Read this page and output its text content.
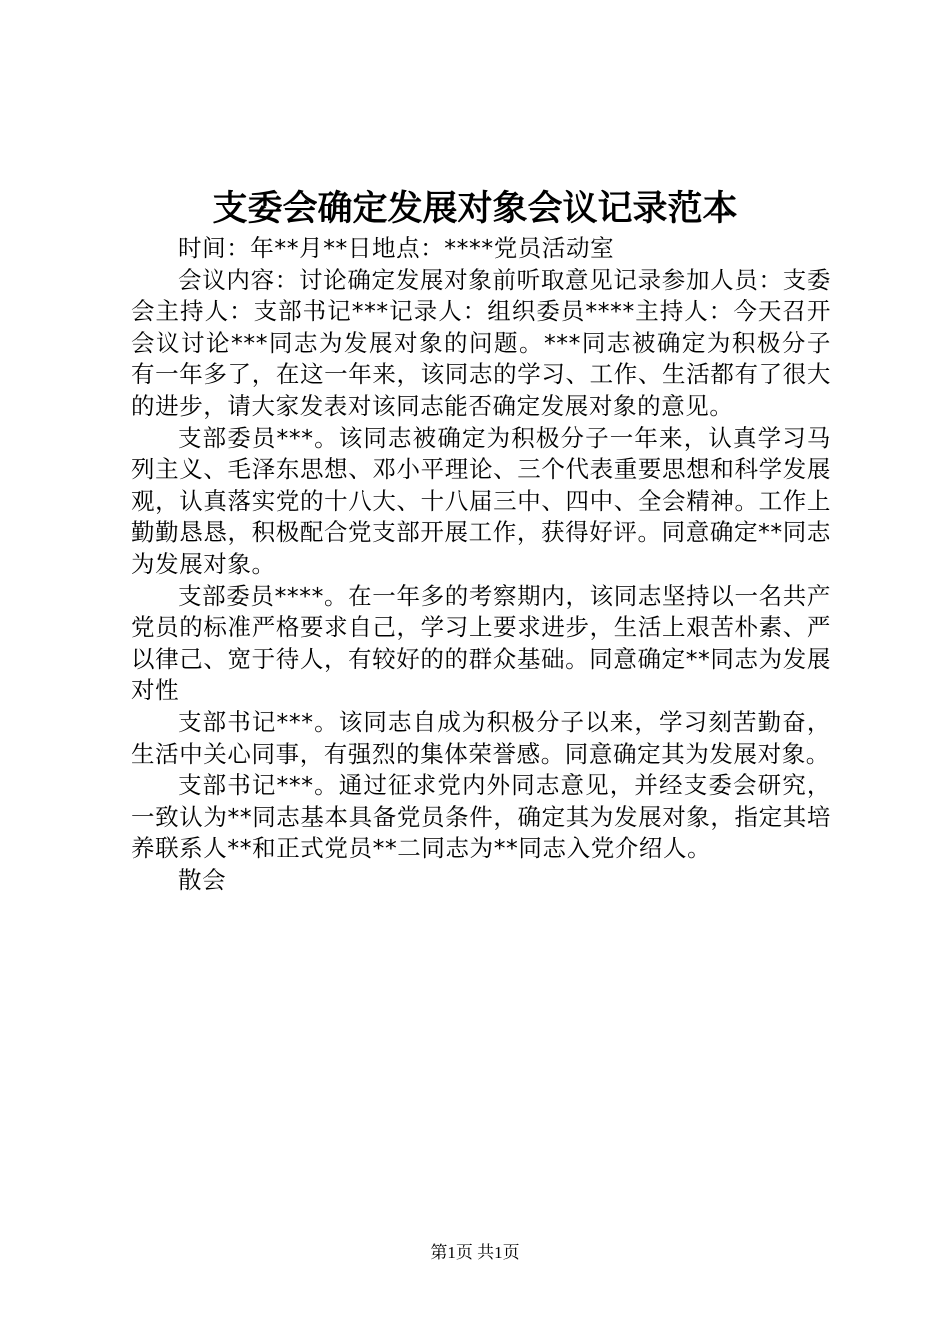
支委会确定发展对象会议记录范本

时间：年**月**日地点：****党员活动室

会议内容：讨论确定发展对象前听取意见记录参加人员：支委会主持人：支部书记***记录人：组织委员****主持人：今天召开会议讨论***同志为发展对象的问题。***同志被确定为积极分子有一年多了，在这一年来，该同志的学习、工作、生活都有了很大的进步，请大家发表对该同志能否确定发展对象的意见。

支部委员***。该同志被确定为积极分子一年来，认真学习马列主义、毛泽东思想、邓小平理论、三个代表重要思想和科学发展观，认真落实党的十八大、十八届三中、四中、全会精神。工作上勤勤恳恳，积极配合党支部开展工作，获得好评。同意确定**同志为发展对象。

支部委员****。在一年多的考察期内，该同志坚持以一名共产党员的标准严格要求自己，学习上要求进步，生活上艰苦朴素、严以律己、宽于待人，有较好的的群众基础。同意确定**同志为发展对性

支部书记***。该同志自成为积极分子以来，学习刻苦勤奋，生活中关心同事，有强烈的集体荣誉感。同意确定其为发展对象。

支部书记***。通过征求党内外同志意见，并经支委会研究，一致认为**同志基本具备党员条件，确定其为发展对象，指定其培养联系人**和正式党员**二同志为**同志入党介绍人。

散会

第1页 共1页
